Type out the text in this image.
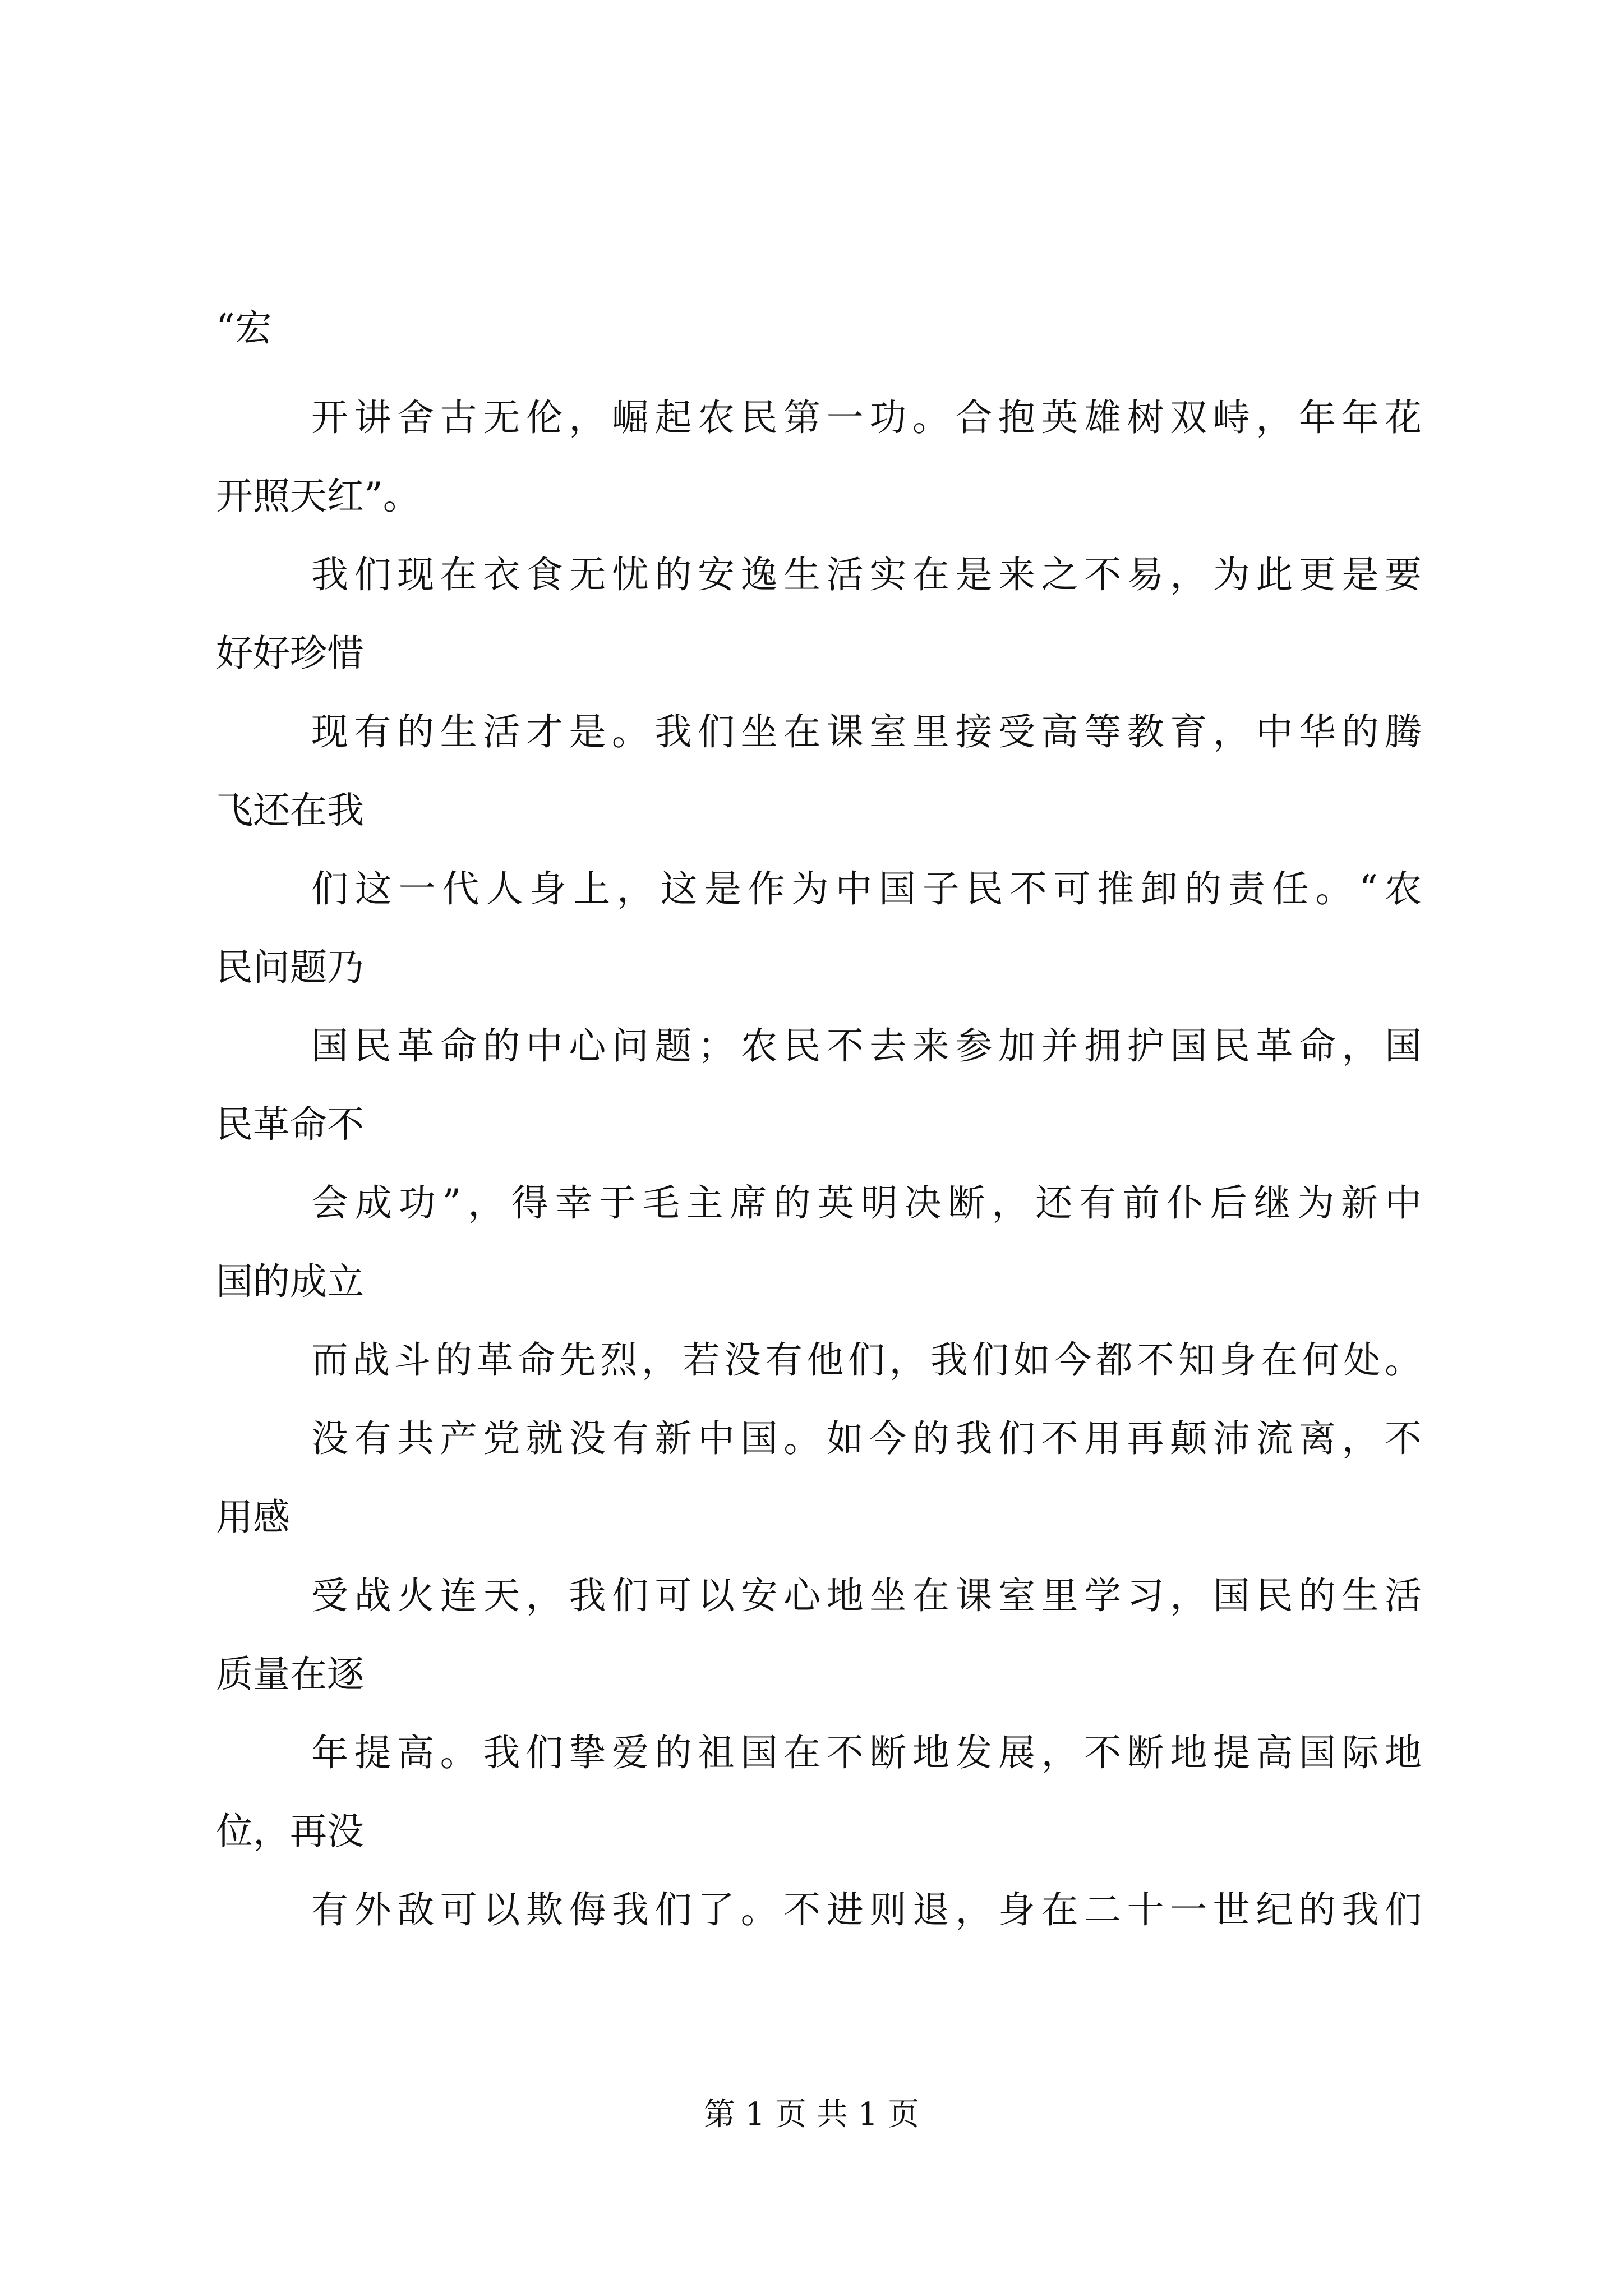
“宏
开讲舍古无伦，崛起农民第一功。合抱英雄树双峙，年年花
开照天红”。
我们现在衣食无忧的安逸生活实在是来之不易，为此更是要
好好珍惜
现有的生活才是。我们坐在课室里接受高等教育，中华的腾
飞还在我
们这一代人身上，这是作为中国子民不可推卸的责任。“农
民问题乃
国民革命的中心问题；农民不去来参加并拥护国民革命，国
民革命不
会成功”，得幸于毛主席的英明决断，还有前仆后继为新中
国的成立
而战斗的革命先烈，若没有他们，我们如今都不知身在何处。
没有共产党就没有新中国。如今的我们不用再颠沛流离，不
用感
受战火连天，我们可以安心地坐在课室里学习，国民的生活
质量在逐
年提高。我们挚爱的祖国在不断地发展，不断地提高国际地
位，再没
有外敌可以欺侮我们了。不进则退，身在二十一世纪的我们
第 1 页 共 1 页
